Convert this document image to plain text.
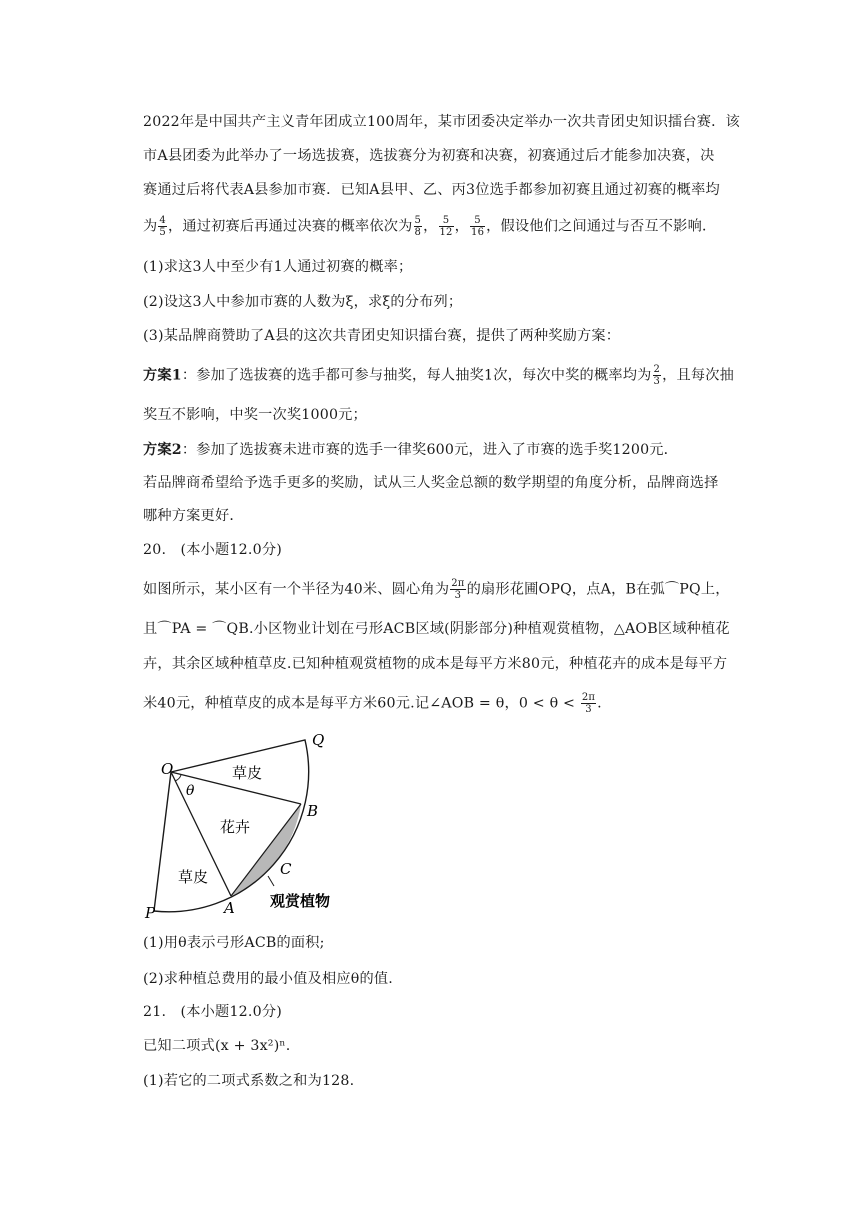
2022年是中国共产主义青年团成立100周年，某市团委决定举办一次共青团史知识擂台赛．该
市A县团委为此举办了一场选拔赛，选拔赛分为初赛和决赛，初赛通过后才能参加决赛，决
赛通过后将代表A县参加市赛．已知A县甲、乙、丙3位选手都参加初赛且通过初赛的概率均
为 $\frac{4}{5}$ ，通过初赛后再通过决赛的概率依次为 $\frac{5}{8}$ ， $\frac{5}{12}$ ， $\frac{5}{16}$ ，假设他们之间通过与否互不影响．
(1)求这3人中至少有1人通过初赛的概率；
(2)设这3人中参加市赛的人数为ξ，求ξ的分布列；
(3)某品牌商赞助了A县的这次共青团史知识擂台赛，提供了两种奖励方案：
方案1：参加了选拔赛的选手都可参与抽奖，每人抽奖1次，每次中奖的概率均为 $\frac{2}{3}$ ，且每次抽
奖互不影响，中奖一次奖1000元；
方案2：参加了选拔赛未进市赛的选手一律奖600元，进入了市赛的选手奖1200元．
若品牌商希望给予选手更多的奖励，试从三人奖金总额的数学期望的角度分析，品牌商选择
哪种方案更好．
20.　(本小题12.0分)
如图所示，某小区有一个半径为40米、圆心角为 $\frac{2\pi}{3}$ 的扇形花圃OPQ，点A，B在弧⌒PQ上，
且⌒PA = ⌒QB.小区物业计划在弓形ACB区域(阴影部分)种植观赏植物，△AOB区域种植花
卉，其余区域种植草皮.已知种植观赏植物的成本是每平方米80元，种植花卉的成本是每平方
米40元，种植草皮的成本是每平方米60元.记∠AOB = θ，$0 < \theta < \frac{2\pi}{3}$ .
O
Q
P	A
B
C
θ
草皮
花卉
草皮
观赏植物
(1)用θ表示弓形ACB的面积;
(2)求种植总费用的最小值及相应θ的值.
21.　(本小题12.0分)
已知二项式(x + 3x²)ⁿ.
(1)若它的二项式系数之和为128.
